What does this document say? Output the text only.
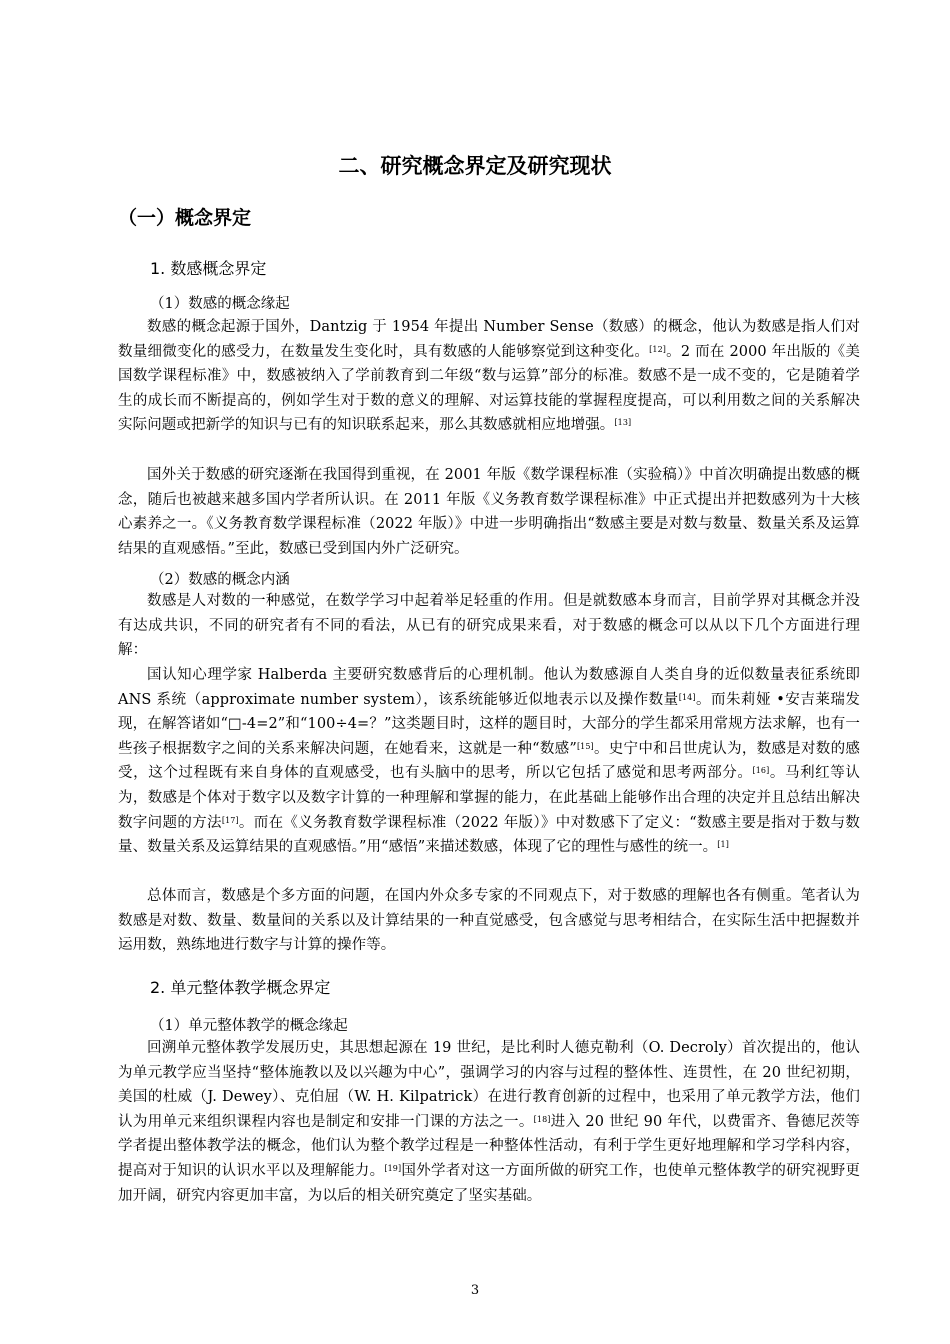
二、研究概念界定及研究现状
（一）概念界定
1. 数感概念界定
（1）数感的概念缘起
数感的概念起源于国外，Dantzig 于 1954 年提出 Number Sense（数感）的概念，他认为数感是指人们对数量细微变化的感受力，在数量发生变化时，具有数感的人能够察觉到这种变化。[12]。2 而在 2000 年出版的《美国数学课程标准》中，数感被纳入了学前教育到二年级“数与运算”部分的标准。数感不是一成不变的，它是随着学生的成长而不断提高的，例如学生对于数的意义的理解、对运算技能的掌握程度提高，可以利用数之间的关系解决实际问题或把新学的知识与已有的知识联系起来，那么其数感就相应地增强。[13]
国外关于数感的研究逐渐在我国得到重视，在 2001 年版《数学课程标准（实验稿）》中首次明确提出数感的概念，随后也被越来越多国内学者所认识。在 2011 年版《义务教育数学课程标准》中正式提出并把数感列为十大核心素养之一。《义务教育数学课程标准（2022 年版）》中进一步明确指出“数感主要是对数与数量、数量关系及运算结果的直观感悟。”至此，数感已受到国内外广泛研究。
（2）数感的概念内涵
数感是人对数的一种感觉，在数学学习中起着举足轻重的作用。但是就数感本身而言，目前学界对其概念并没有达成共识，不同的研究者有不同的看法，从已有的研究成果来看，对于数感的概念可以从以下几个方面进行理解：
国认知心理学家 Halberda 主要研究数感背后的心理机制。他认为数感源自人类自身的近似数量表征系统即 ANS 系统（approximate number system），该系统能够近似地表示以及操作数量[14]。而朱莉娅 •安吉莱瑞发现，在解答诸如“□-4=2”和“100÷4=？”这类题目时，这样的题目时，大部分的学生都采用常规方法求解，也有一些孩子根据数字之间的关系来解决问题，在她看来，这就是一种“数感”[15]。史宁中和吕世虎认为，数感是对数的感受，这个过程既有来自身体的直观感受，也有头脑中的思考，所以它包括了感觉和思考两部分。[16]。马利红等认为，数感是个体对于数字以及数字计算的一种理解和掌握的能力，在此基础上能够作出合理的决定并且总结出解决数字问题的方法[17]。而在《义务教育数学课程标准（2022 年版）》中对数感下了定义：“数感主要是指对于数与数量、数量关系及运算结果的直观感悟。”用“感悟”来描述数感，体现了它的理性与感性的统一。[1]
总体而言，数感是个多方面的问题，在国内外众多专家的不同观点下，对于数感的理解也各有侧重。笔者认为数感是对数、数量、数量间的关系以及计算结果的一种直觉感受，包含感觉与思考相结合，在实际生活中把握数并运用数，熟练地进行数字与计算的操作等。
2. 单元整体教学概念界定
（1）单元整体教学的概念缘起
回溯单元整体教学发展历史，其思想起源在 19 世纪，是比利时人德克勒利（O. Decroly）首次提出的，他认为单元教学应当坚持“整体施教以及以兴趣为中心”，强调学习的内容与过程的整体性、连贯性，在 20 世纪初期，美国的杜威（J. Dewey）、克伯屈（W. H. Kilpatrick）在进行教育创新的过程中，也采用了单元教学方法，他们认为用单元来组织课程内容也是制定和安排一门课的方法之一。[18]进入 20 世纪 90 年代，以费雷齐、鲁德尼茨等学者提出整体教学法的概念，他们认为整个教学过程是一种整体性活动，有利于学生更好地理解和学习学科内容，提高对于知识的认识水平以及理解能力。[19]国外学者对这一方面所做的研究工作，也使单元整体教学的研究视野更加开阔，研究内容更加丰富，为以后的相关研究奠定了坚实基础。
3
